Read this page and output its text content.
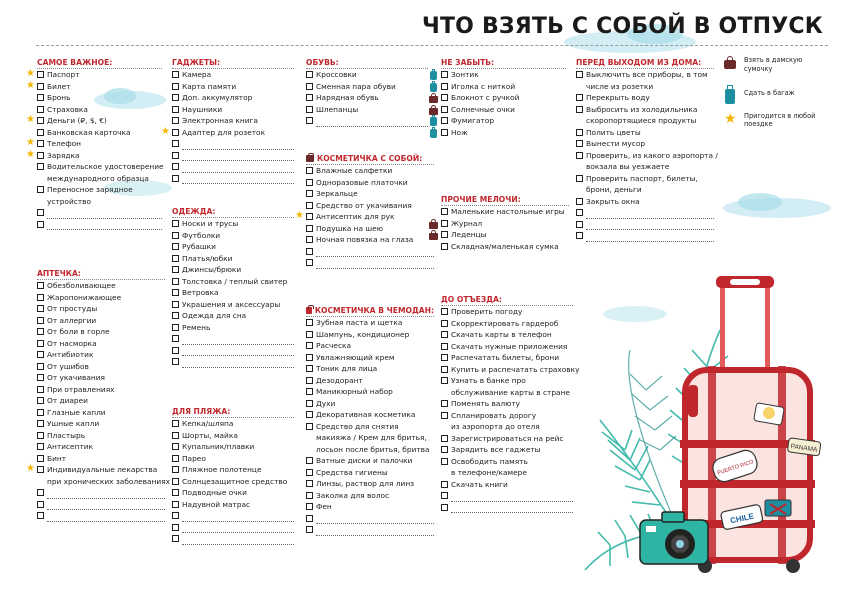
ЧТО ВЗЯТЬ С СОБОЙ В ОТПУСК
САМОЕ ВАЖНОЕ:
★ Паспорт
★ Билет
Бронь
Страховка
★ Деньги (₽, $, €)
Банковская карточка
★ Телефон
★ Зарядка
Водительское удостоверение
международного образца
Переносное зарядное
устройство
АПТЕЧКА:
Обезболивающее
Жаропонижающее
От простуды
От аллергии
От боли в горле
От насморка
Антибиотик
От ушибов
От укачивания
При отравлениях
От диареи
Глазные капли
Ушные капли
Пластырь
Антисептик
Бинт
★ Индивидуальные лекарства
при хронических заболеваниях
ГАДЖЕТЫ:
Камера
Карта памяти
Доп. аккумулятор
Наушники
Электронная книга
★ Адаптер для розеток
ОДЕЖДА:
Носки и трусы
Футболки
Рубашки
Платья/юбки
Джинсы/брюки
Толстовка / теплый свитер
Ветровка
Украшения и аксессуары
Одежда для сна
Ремень
ДЛЯ ПЛЯЖА:
Кепка/шляпа
Шорты, майка
Купальник/плавки
Парео
Пляжное полотенце
Солнцезащитное средство
Подводные очки
Надувной матрас
ОБУВЬ:
Кроссовки
Сменная пара обуви
Нарядная обувь
Шлепанцы
КОСМЕТИЧКА С СОБОЙ:
Влажные салфетки
Одноразовые платочки
Зеркальце
Средство от укачивания
★ Антисептик для рук
Подушка на шею
Ночная повязка на глаза
КОСМЕТИЧКА В ЧЕМОДАН:
Зубная паста и щетка
Шампунь, кондиционер
Расческа
Увлажняющий крем
Тоник для лица
Дезодорант
Маникюрный набор
Духи
Декоративная косметика
Средство для снятия
макияжа / Крем для бритья,
лосьон после бритья, бритва
Ватные диски и палочки
Средства гигиены
Линзы, раствор для линз
Заколка для волос
Фен
НЕ ЗАБЫТЬ:
Зонтик
Иголка с ниткой
Блокнот с ручкой
Солнечные очки
Фумигатор
Нож
ПРОЧИЕ МЕЛОЧИ:
Маленькие настольные игры
Журнал
Леденцы
Складная/маленькая сумка
ДО ОТЪЕЗДА:
Проверить погоду
Скорректировать гардероб
Скачать карты в телефон
Скачать нужные приложения
Распечатать билеты, брони
Купить и распечатать страховку
Узнать в банке про
обслуживание карты в стране
Поменять валюту
Спланировать дорогу
из аэропорта до отеля
Зарегистрироваться на рейс
Зарядить все гаджеты
Освободить память
в телефоне/камере
Скачать книги
ПЕРЕД ВЫХОДОМ ИЗ ДОМА:
Выключить все приборы, в том
числе из розетки
Перекрыть воду
Выбросить из холодильника
скоропортящиеся продукты
Полить цветы
Вынести мусор
Проверить, из какого аэропорта /
вокзала вы уезжаете
Проверить паспорт, билеты,
брони, деньги
Закрыть окна
Взять в дамскую сумочку
Сдать в багаж
★ Пригодится в любой поездке
PUERTO RICO
CHILE
PANAMA
